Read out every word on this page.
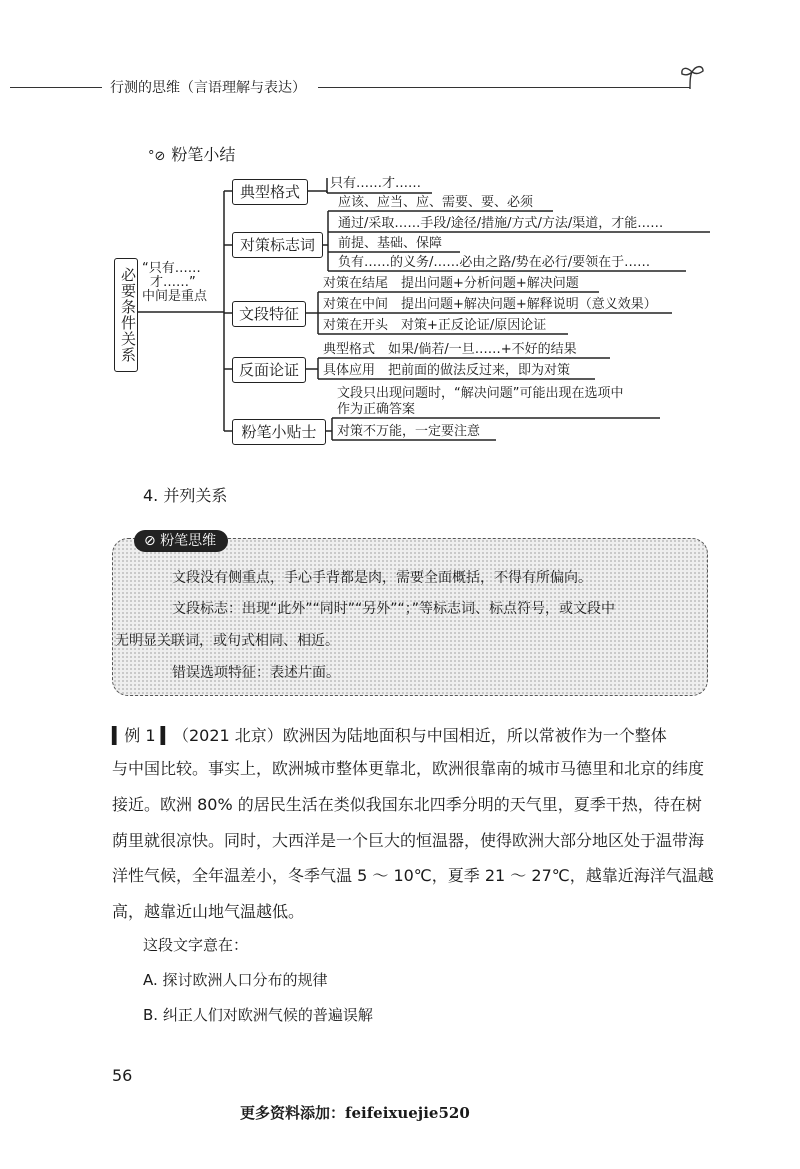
行测的思维（言语理解与表达）
°⊘ 粉笔小结
必要条件关系 “只有……
才……”
中间是重点
典型格式
对策标志词
文段特征
反面论证
粉笔小贴士
只有……才……
应该、应当、应、需要、要、必须
通过/采取……手段/途径/措施/方式/方法/渠道，才能……
前提、基础、保障
负有……的义务/……必由之路/势在必行/要领在于……
对策在结尾　提出问题+分析问题+解决问题
对策在中间　提出问题+解决问题+解释说明（意义效果）
对策在开头　对策+正反论证/原因论证
典型格式　如果/倘若/一旦……+不好的结果
具体应用　把前面的做法反过来，即为对策
文段只出现问题时，“解决问题”可能出现在选项中
作为正确答案
对策不万能，一定要注意
4. 并列关系
⊘ 粉笔思维
文段没有侧重点，手心手背都是肉，需要全面概括，不得有所偏向。
文段标志：出现“此外”“同时”“另外”“；”等标志词、标点符号，或文段中
无明显关联词，或句式相同、相近。
错误选项特征：表述片面。
▍例 1 ▍（2021 北京）欧洲因为陆地面积与中国相近，所以常被作为一个整体
与中国比较。事实上，欧洲城市整体更靠北，欧洲很靠南的城市马德里和北京的纬度
接近。欧洲 80% 的居民生活在类似我国东北四季分明的天气里，夏季干热，待在树
荫里就很凉快。同时，大西洋是一个巨大的恒温器，使得欧洲大部分地区处于温带海
洋性气候，全年温差小，冬季气温 5 ～ 10℃，夏季 21 ～ 27℃，越靠近海洋气温越
高，越靠近山地气温越低。
这段文字意在：
A. 探讨欧洲人口分布的规律
B. 纠正人们对欧洲气候的普遍误解
56
更多资料添加：feifeixuejie520
